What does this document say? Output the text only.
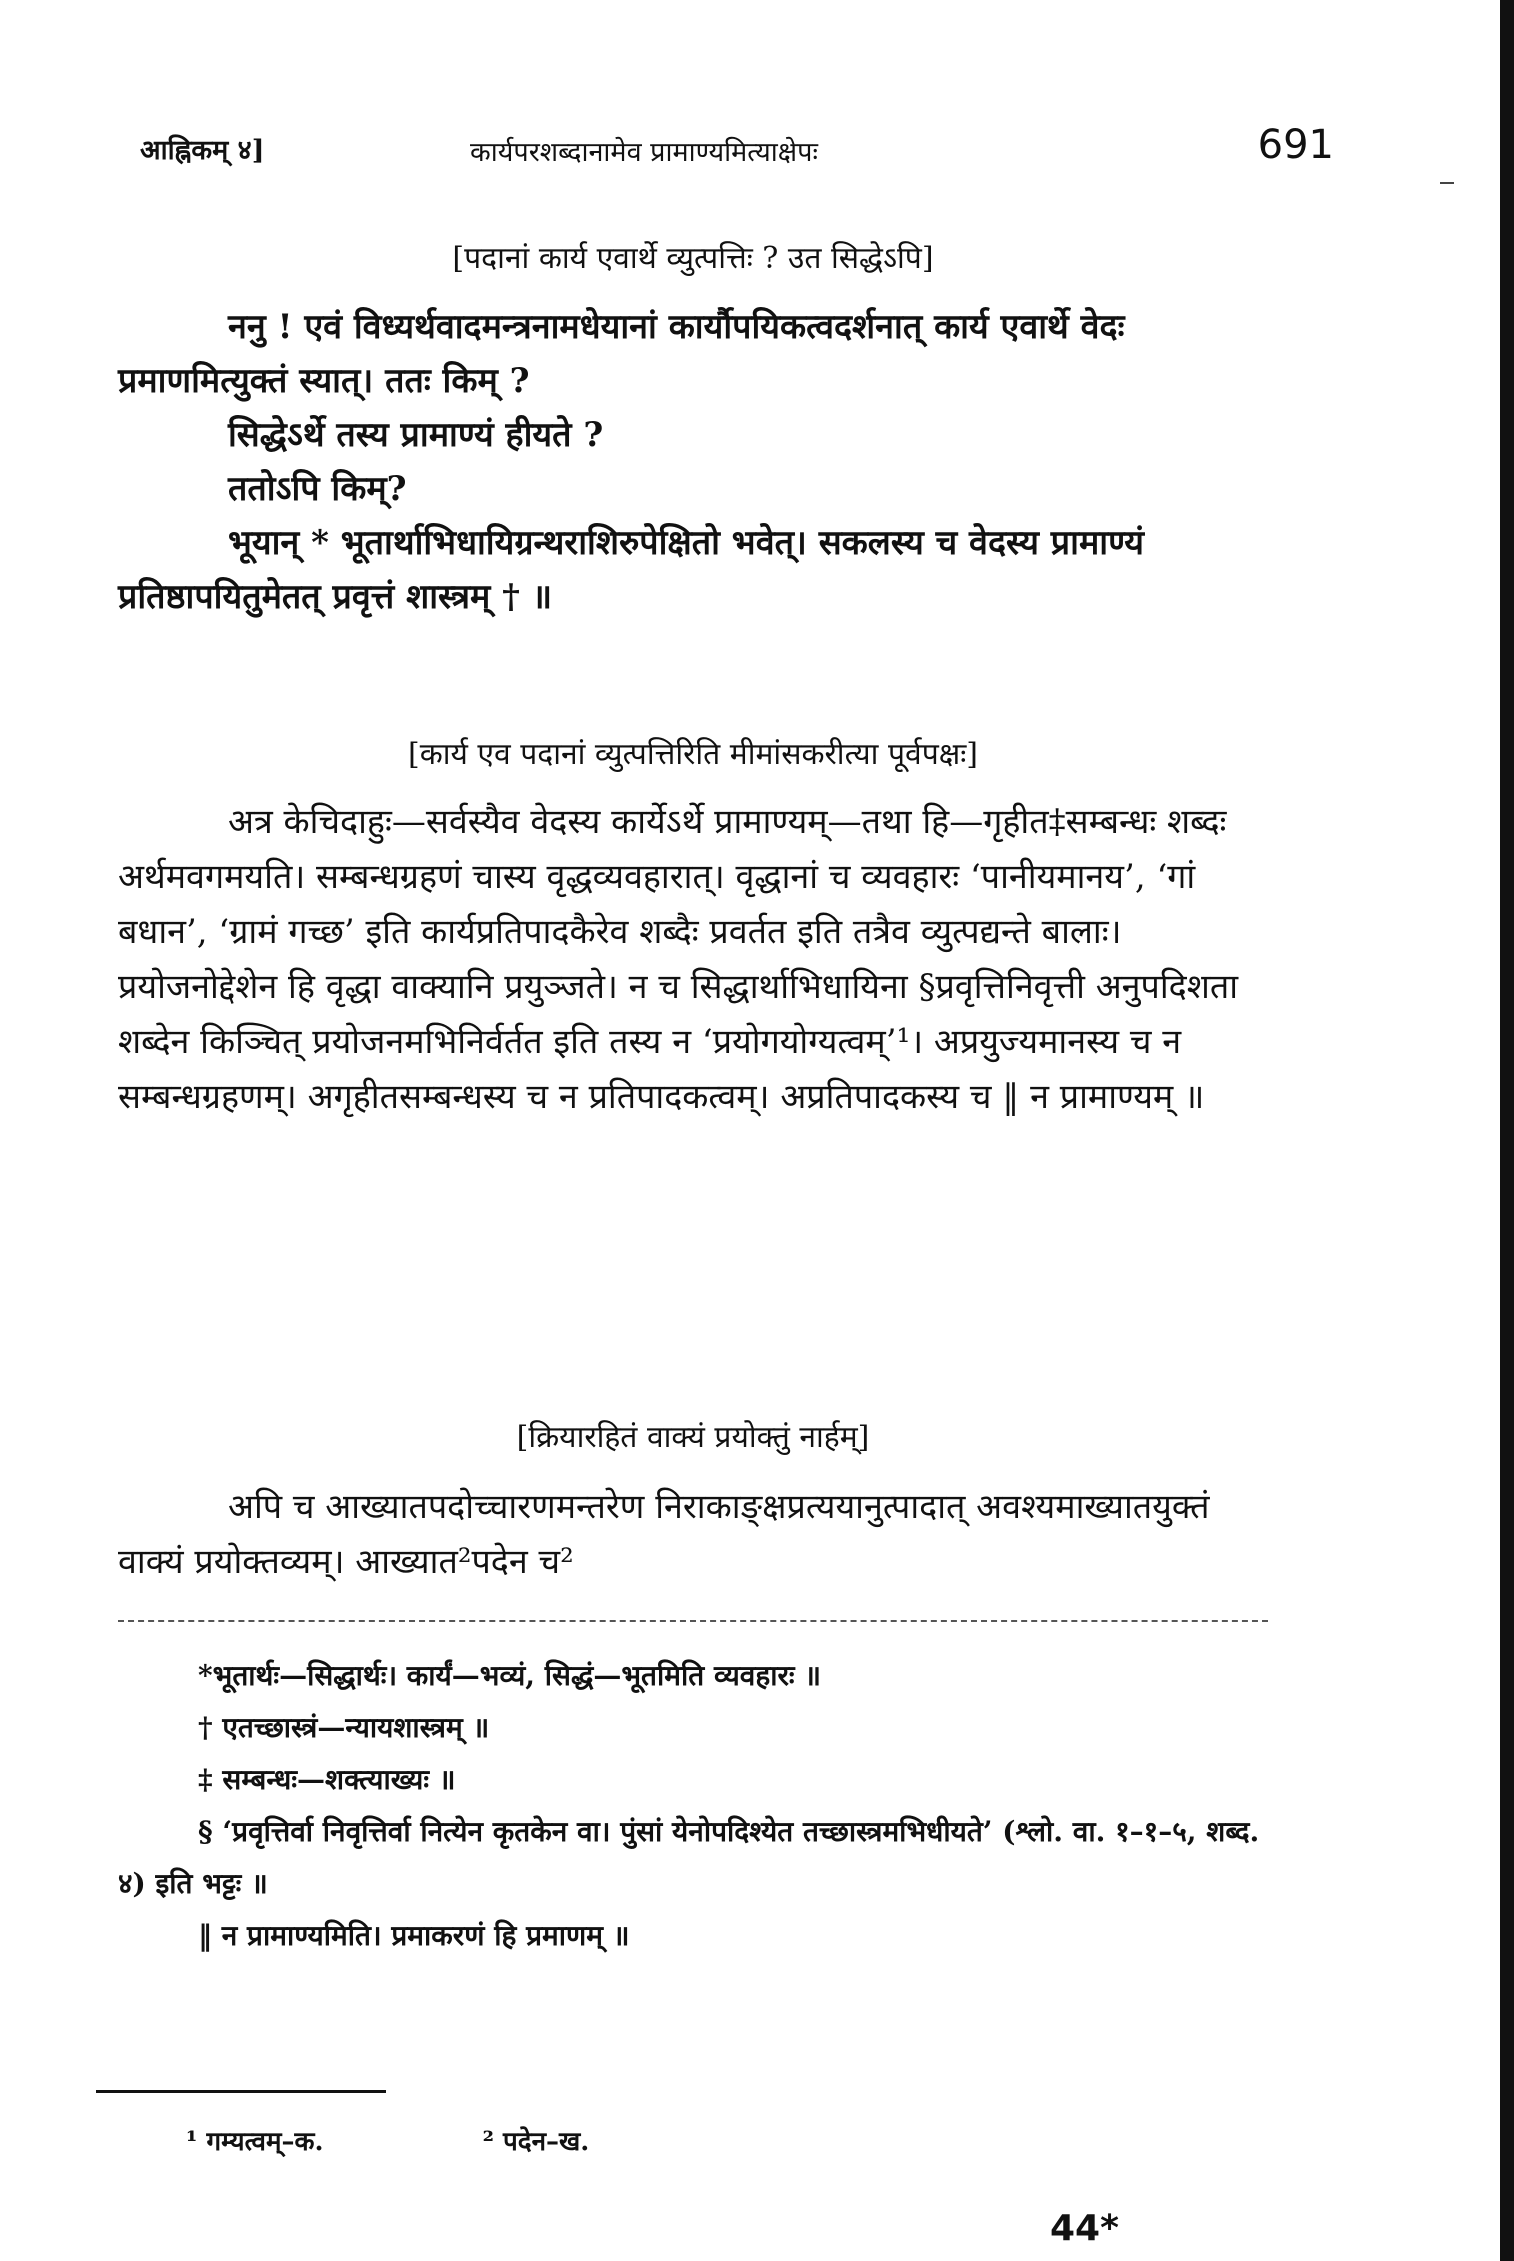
आह्निकम् ४]	कार्यपरशब्दानामेव प्रामाण्यमित्याक्षेपः	691
[पदानां कार्य एवार्थे व्युत्पत्तिः ? उत सिद्धेऽपि]

ननु ! एवं विध्यर्थवादमन्त्रनामधेयानां कार्यौपयिकत्वदर्शनात् कार्य एवार्थे वेदः प्रमाणमित्युक्तं स्यात्। ततः किम् ?

सिद्धेऽर्थे तस्य प्रामाण्यं हीयते ?

ततोऽपि किम्?

भूयान् * भूतार्थाभिधायिग्रन्थराशिरुपेक्षितो भवेत्। सकलस्य च वेदस्य प्रामाण्यं प्रतिष्ठापयितुमेतत् प्रवृत्तं शास्त्रम् † ॥

[कार्य एव पदानां व्युत्पत्तिरिति मीमांसकरीत्या पूर्वपक्षः]
अत्र केचिदाहुः—सर्वस्यैव वेदस्य कार्येऽर्थे प्रामाण्यम्—तथा हि—गृहीत‡सम्बन्धः शब्दः अर्थमवगमयति। सम्बन्धग्रहणं चास्य वृद्धव्यवहारात्। वृद्धानां च व्यवहारः ‘पानीयमानय’, ‘गां बधान’, ‘ग्रामं गच्छ’ इति कार्यप्रतिपादकैरेव शब्दैः प्रवर्तत इति तत्रैव व्युत्पद्यन्ते बालाः। प्रयोजनोद्देशेन हि वृद्धा वाक्यानि प्रयुञ्जते। न च सिद्धार्थाभिधायिना §प्रवृत्तिनिवृत्ती अनुपदिशता शब्देन किञ्चित् प्रयोजनमभिनिर्वर्तत इति तस्य न ‘प्रयोगयोग्यत्वम्’¹। अप्रयुज्यमानस्य च न सम्बन्धग्रहणम्। अगृहीतसम्बन्धस्य च न प्रतिपादकत्वम्। अप्रतिपादकस्य च ‖ न प्रामाण्यम् ॥
[क्रियारहितं वाक्यं प्रयोक्तुं नार्हम्]
अपि च आख्यातपदोच्चारणमन्तरेण निराकाङ्क्षप्रत्ययानुत्पादात् अवश्यमाख्यातयुक्तं वाक्यं प्रयोक्तव्यम्। आख्यात²पदेन च²

*भूतार्थः—सिद्धार्थः। कार्यं—भव्यं, सिद्धं—भूतमिति व्यवहारः ॥

† एतच्छास्त्रं—न्यायशास्त्रम् ॥

‡ सम्बन्धः—शक्त्याख्यः ॥

§ ‘प्रवृत्तिर्वा निवृत्तिर्वा नित्येन कृतकेन वा। पुंसां येनोपदिश्येत तच्छास्त्रमभिधीयते’ (श्लो. वा. १–१–५, शब्द. ४) इति भट्टः ॥

‖ न प्रामाण्यमिति। प्रमाकरणं हि प्रमाणम् ॥

¹ गम्यत्वम्–क.	² पदेन–ख.
44*
